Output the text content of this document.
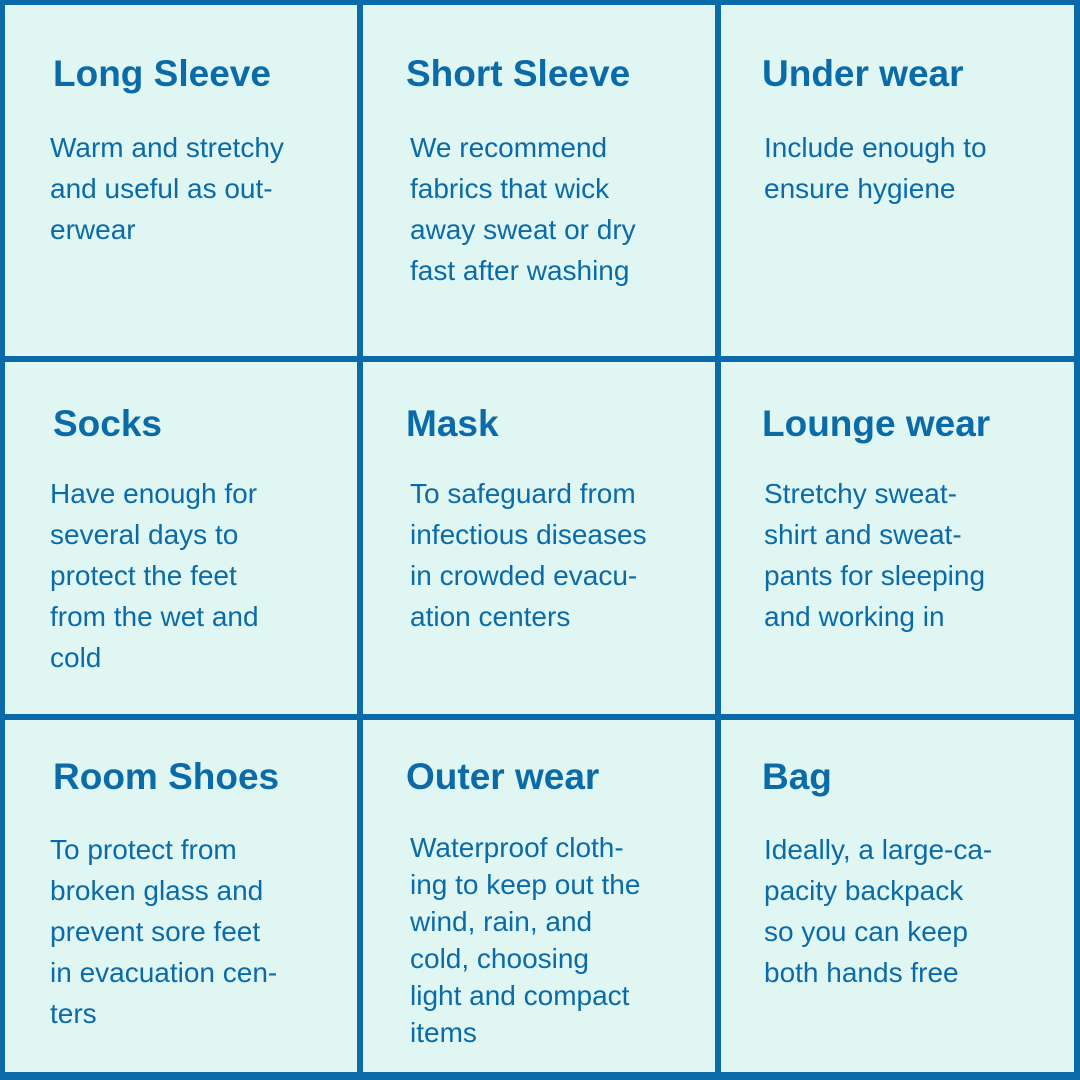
Long Sleeve

Warm and stretchy
and useful as out-
erwear

Short Sleeve

We recommend
fabrics that wick
away sweat or dry
fast after washing

Under wear

Include enough to
ensure hygiene

Socks

Have enough for
several days to
protect the feet
from the wet and
cold

Mask

To safeguard from
infectious diseases
in crowded evacu-
ation centers

Lounge wear

Stretchy sweat-
shirt and sweat-
pants for sleeping
and working in

Room Shoes

To protect from
broken glass and
prevent sore feet
in evacuation cen-
ters

Outer wear

Waterproof cloth-
ing to keep out the
wind, rain, and
cold, choosing
light and compact
items

Bag

Ideally, a large-ca-
pacity backpack
so you can keep
both hands free
